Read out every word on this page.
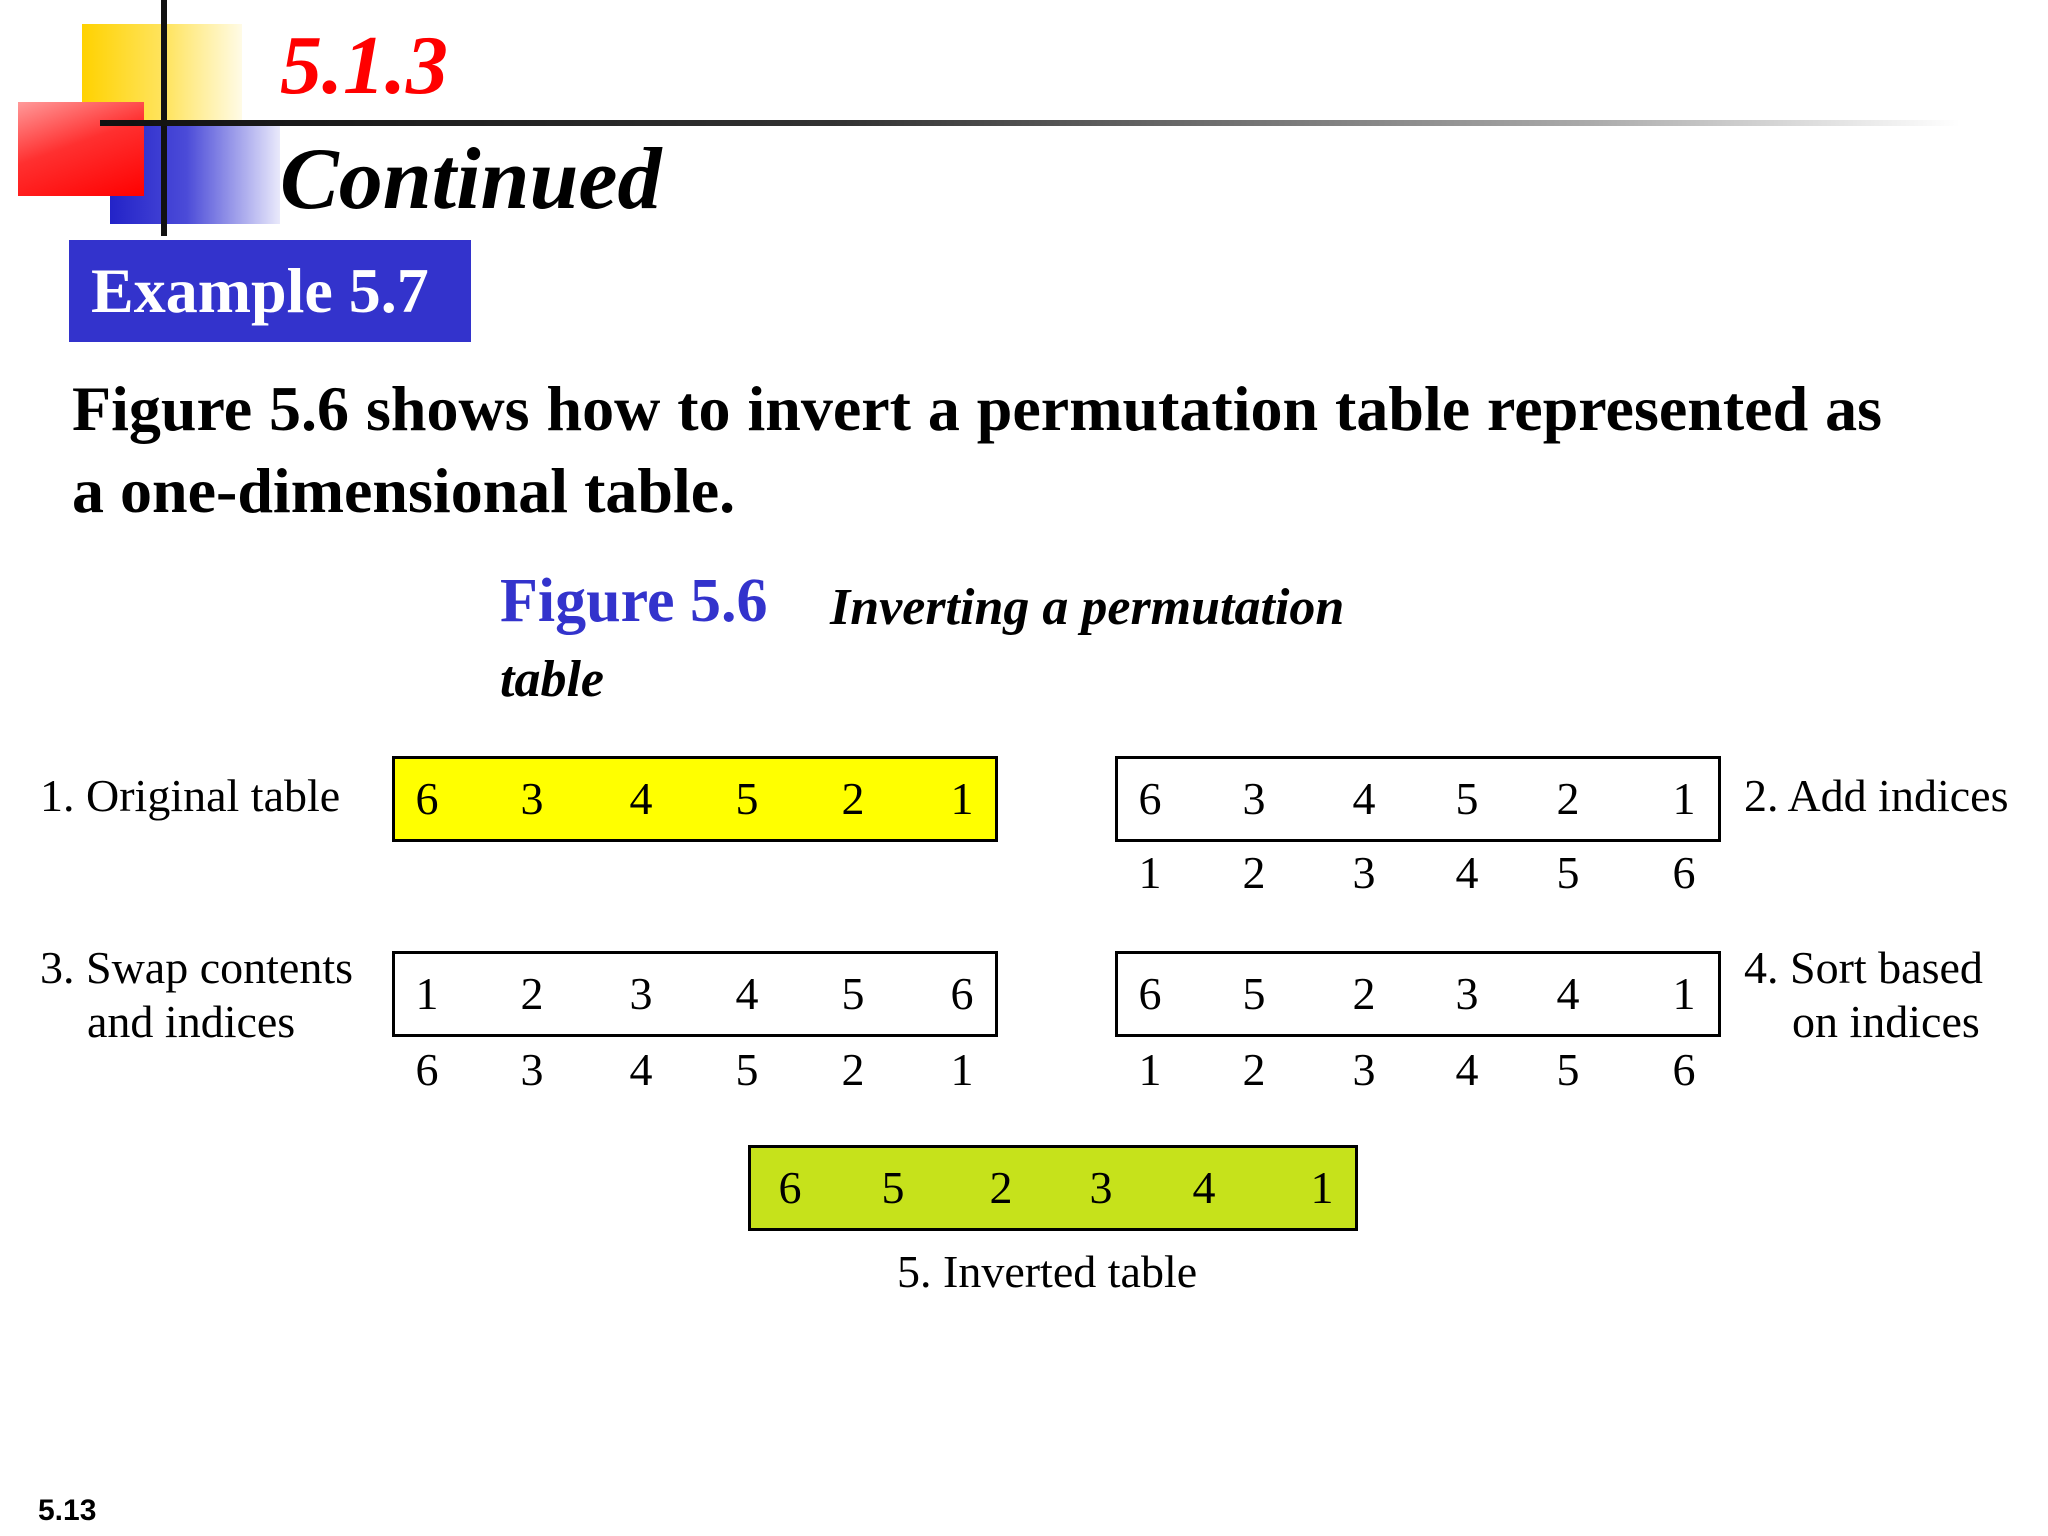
5.1.3
Continued
Example 5.7
Figure 5.6 shows how to invert a permutation table represented as a one-dimensional table.
Figure 5.6 Inverting a permutation
table
1. Original table	2. Add indices
3. Swap contents
and indices
4. Sort based
on indices
5. Inverted table
6 3 4 5 2 1	6 3 4 5 2 1
1 2 3 4 5 6
1 2 3 4 5 6
6 3 4 5 2 1
6 5 2 3 4 1
1 2 3 4 5 6
6 5 2 3 4 1
5.13
